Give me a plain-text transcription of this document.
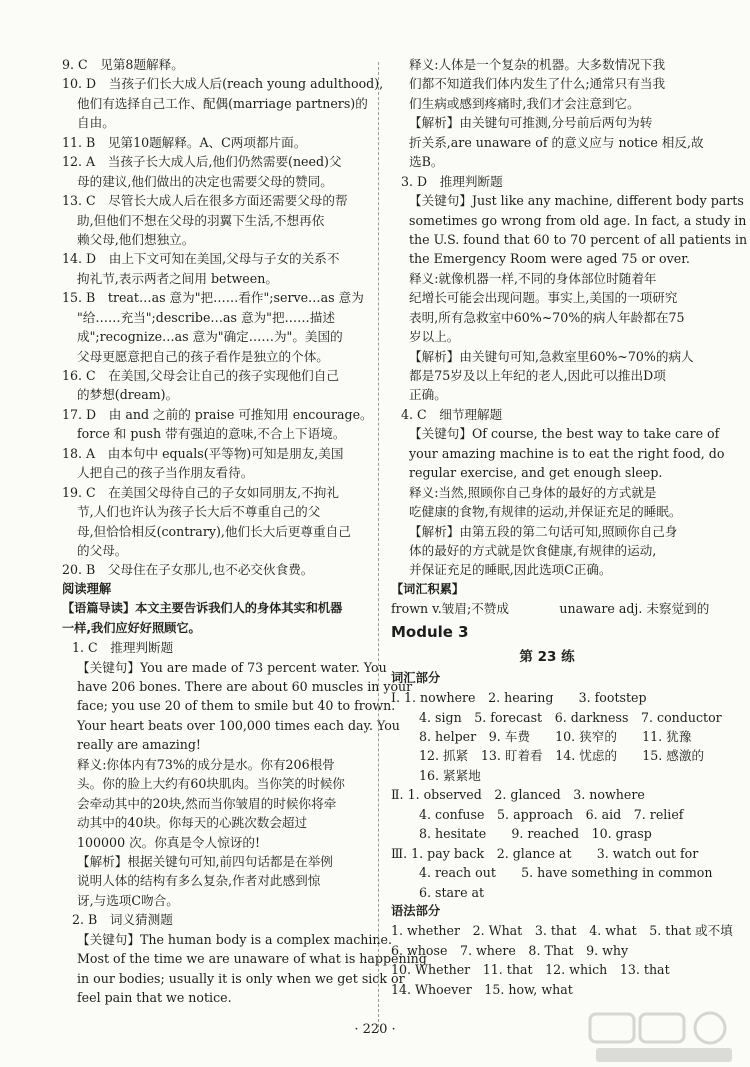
9. C　见第8题解释。
10. D　当孩子们长大成人后(reach young adulthood),
他们有选择自己工作、配偶(marriage partners)的
自由。
11. B　见第10题解释。A、C两项都片面。
12. A　当孩子长大成人后,他们仍然需要(need)父
母的建议,他们做出的决定也需要父母的赞同。
13. C　尽管长大成人后在很多方面还需要父母的帮
助,但他们不想在父母的羽翼下生活,不想再依
赖父母,他们想独立。
14. D　由上下文可知在美国,父母与子女的关系不
拘礼节,表示两者之间用 between。
15. B　treat…as 意为"把……看作";serve…as 意为
"给……充当";describe…as 意为"把……描述
成";recognize…as 意为"确定……为"。美国的
父母更愿意把自己的孩子看作是独立的个体。
16. C　在美国,父母会让自己的孩子实现他们自己
的梦想(dream)。
17. D　由 and 之前的 praise 可推知用 encourage。
force 和 push 带有强迫的意味,不合上下语境。
18. A　由本句中 equals(平等物)可知是朋友,美国
人把自己的孩子当作朋友看待。
19. C　在美国父母待自己的子女如同朋友,不拘礼
节,人们也许认为孩子长大后不尊重自己的父
母,但恰恰相反(contrary),他们长大后更尊重自己
的父母。
20. B　父母住在子女那儿,也不必交伙食费。
阅读理解
【语篇导读】本文主要告诉我们人的身体其实和机器
一样,我们应好好照顾它。
1. C　推理判断题
【关键句】You are made of 73 percent water. You
have 206 bones. There are about 60 muscles in your
face; you use 20 of them to smile but 40 to frown.
Your heart beats over 100,000 times each day. You
really are amazing!
释义:你体内有73%的成分是水。你有206根骨
头。你的脸上大约有60块肌肉。当你笑的时候你
会牵动其中的20块,然而当你皱眉的时候你将牵
动其中的40块。你每天的心跳次数会超过
100000 次。你真是令人惊讶的!
【解析】根据关键句可知,前四句话都是在举例
说明人体的结构有多么复杂,作者对此感到惊
讶,与选项C吻合。
2. B　词义猜测题
【关键句】The human body is a complex machine.
Most of the time we are unaware of what is happening
in our bodies; usually it is only when we get sick or
feel pain that we notice.
释义:人体是一个复杂的机器。大多数情况下我
们都不知道我们体内发生了什么;通常只有当我
们生病或感到疼痛时,我们才会注意到它。
【解析】由关键句可推测,分号前后两句为转
折关系,are unaware of 的意义应与 notice 相反,故
选B。
3. D　推理判断题
【关键句】Just like any machine, different body parts
sometimes go wrong from old age. In fact, a study in
the U.S. found that 60 to 70 percent of all patients in
the Emergency Room were aged 75 or over.
释义:就像机器一样,不同的身体部位时随着年
纪增长可能会出现问题。事实上,美国的一项研究
表明,所有急救室中60%~70%的病人年龄都在75
岁以上。
【解析】由关键句可知,急救室里60%~70%的病人
都是75岁及以上年纪的老人,因此可以推出D项
正确。
4. C　细节理解题
【关键句】Of course, the best way to take care of
your amazing machine is to eat the right food, do
regular exercise, and get enough sleep.
释义:当然,照顾你自己身体的最好的方式就是
吃健康的食物,有规律的运动,并保证充足的睡眠。
【解析】由第五段的第二句话可知,照顾你自己身
体的最好的方式就是饮食健康,有规律的运动,
并保证充足的睡眠,因此选项C正确。
【词汇积累】
frown v.皱眉;不赞成　　　　unaware adj. 未察觉到的
Module 3
第 23 练
词汇部分
Ⅰ. 1. nowhere　2. hearing　　3. footstep
4. sign　5. forecast　6. darkness　7. conductor
8. helper　9. 车费　　10. 狭窄的　　11. 犹豫
12. 抓紧　13. 盯着看　14. 忧虑的　　15. 感激的
16. 紧紧地
Ⅱ. 1. observed　2. glanced　3. nowhere
4. confuse　5. approach　6. aid　7. relief
8. hesitate　　9. reached　10. grasp
Ⅲ. 1. pay back　2. glance at　　3. watch out for
4. reach out　　5. have something in common
6. stare at
语法部分
1. whether　2. What　3. that　4. what　5. that 或不填
6. whose　7. where　8. That　9. why
10. Whether　11. that　12. which　13. that
14. Whoever　15. how, what
· 220 ·
